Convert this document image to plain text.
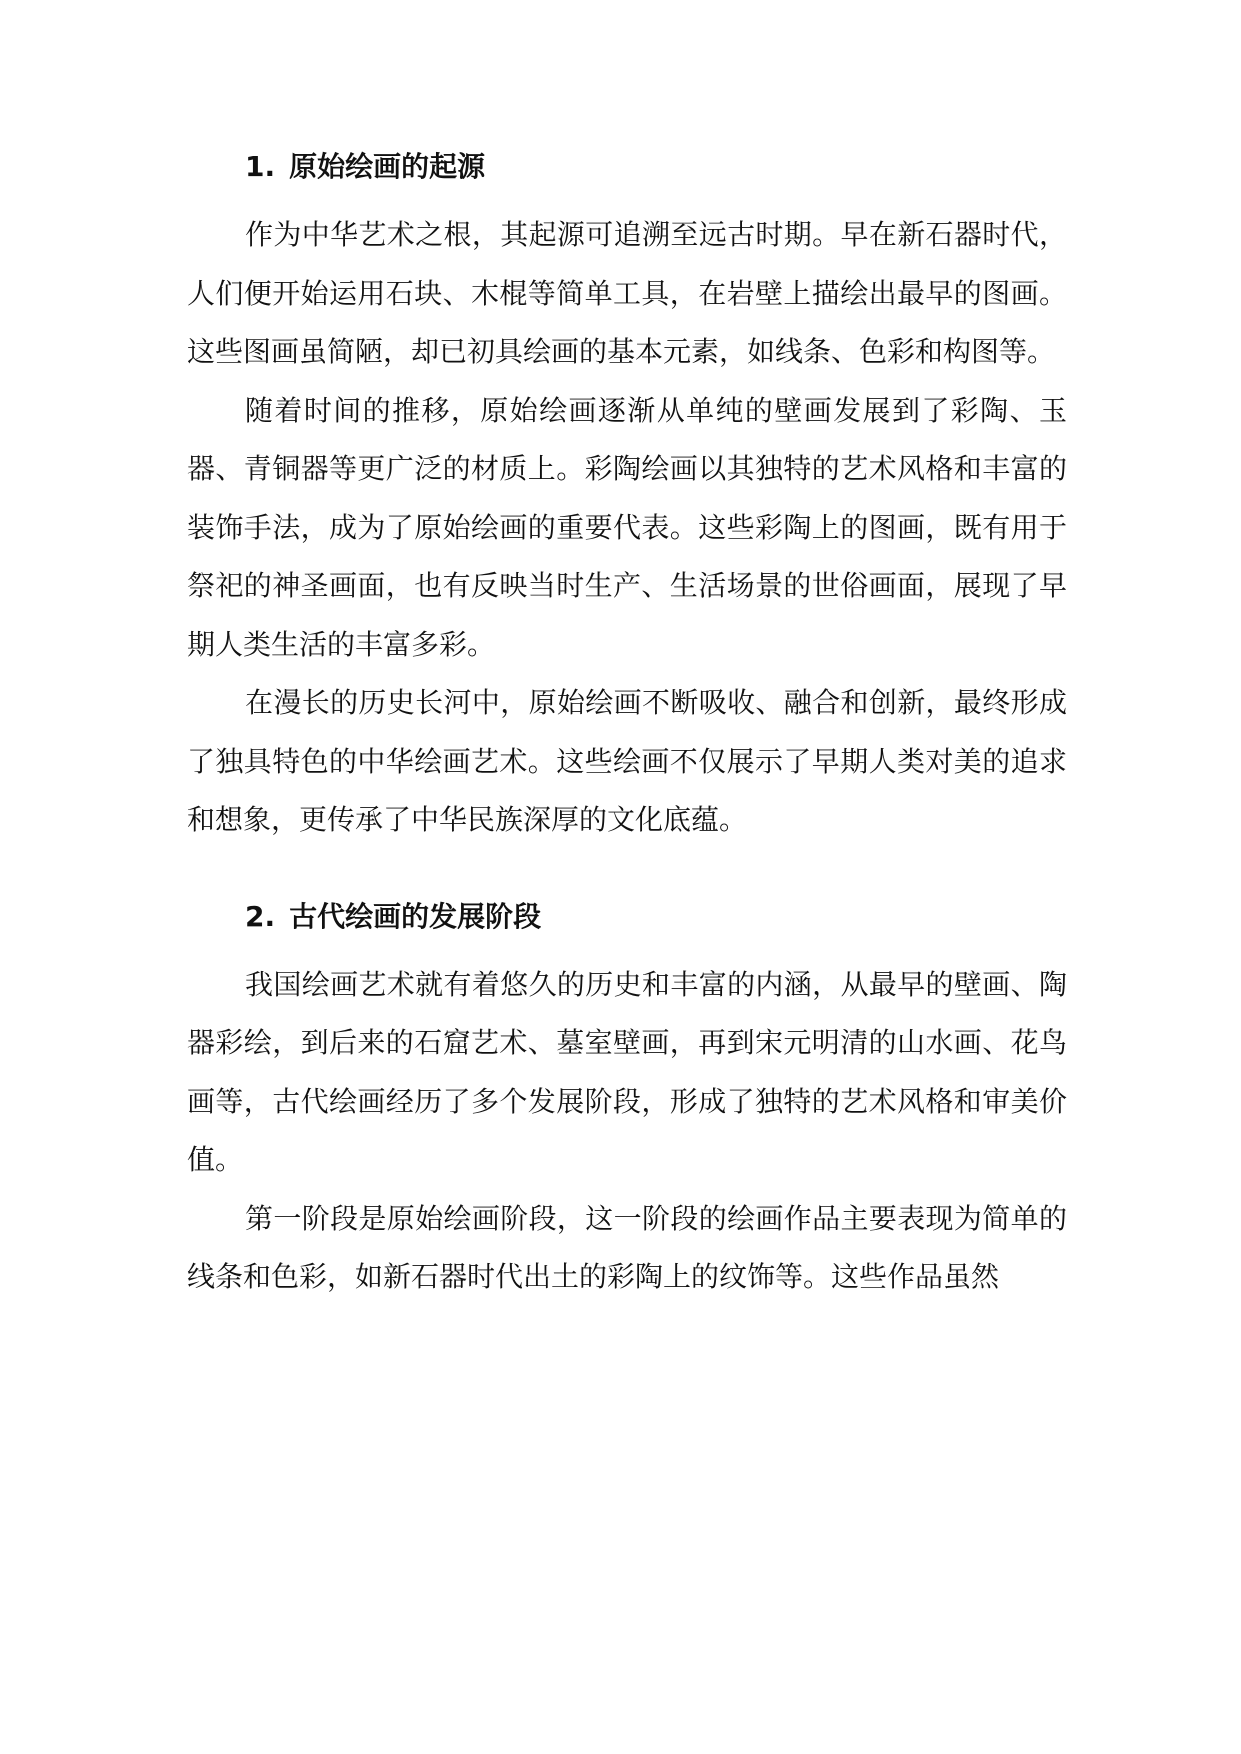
1. 原始绘画的起源

作为中华艺术之根，其起源可追溯至远古时期。早在新石器时代，人们便开始运用石块、木棍等简单工具，在岩壁上描绘出最早的图画。这些图画虽简陋，却已初具绘画的基本元素，如线条、色彩和构图等。

随着时间的推移，原始绘画逐渐从单纯的壁画发展到了彩陶、玉器、青铜器等更广泛的材质上。彩陶绘画以其独特的艺术风格和丰富的装饰手法，成为了原始绘画的重要代表。这些彩陶上的图画，既有用于祭祀的神圣画面，也有反映当时生产、生活场景的世俗画面，展现了早期人类生活的丰富多彩。

在漫长的历史长河中，原始绘画不断吸收、融合和创新，最终形成了独具特色的中华绘画艺术。这些绘画不仅展示了早期人类对美的追求和想象，更传承了中华民族深厚的文化底蕴。

2. 古代绘画的发展阶段

我国绘画艺术就有着悠久的历史和丰富的内涵，从最早的壁画、陶器彩绘，到后来的石窟艺术、墓室壁画，再到宋元明清的山水画、花鸟画等，古代绘画经历了多个发展阶段，形成了独特的艺术风格和审美价值。

第一阶段是原始绘画阶段，这一阶段的绘画作品主要表现为简单的线条和色彩，如新石器时代出土的彩陶上的纹饰等。这些作品虽然
